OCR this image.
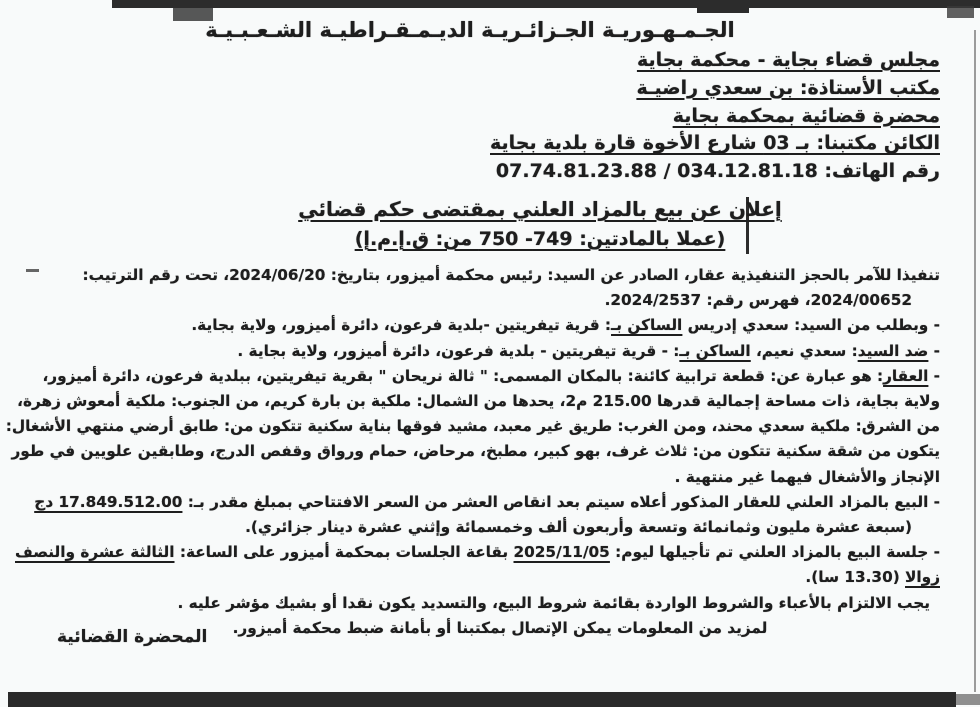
الجـمـهـوريـة الجـزائـريـة الديـمـقـراطيـة الشـعـبـيـة
مجلس قضاء بجاية - محكمة بجاية
مكتب الأستاذة: بن سعدي راضيـة
محضرة قضائية بمحكمة بجاية
الكائن مكتبنا: بـ 03 شارع الأخوة قارة بلدية بجاية
رقم الهاتف: 034.12.81.18 / 07.74.81.23.88
إعلان عن بيع بالمزاد العلني بمقتضى حكم قضائي
(عملا بالمادتين: 749- 750 من: ق.إ.م.إ)
تنفيذا للآمر بالحجز التنفيذية عقار، الصادر عن السيد: رئيس محكمة أميزور، بتاريخ: 2024/06/20، تحت رقم الترتيب:
2024/00652، فهرس رقم: 2024/2537.
- وبطلب من السيد: سعدي إدريس الساكن بـ: قرية تيفريتين -بلدية فرعون، دائرة أميزور، ولاية بجاية.
- ضد السيد: سعدي نعيم، الساكن بـ: - قرية تيفريتين - بلدية فرعون، دائرة أميزور، ولاية بجاية .
- العقار: هو عبارة عن: قطعة ترابية كائنة: بالمكان المسمى: " ثالة نريحان " بقرية تيفريتين، ببلدية فرعون، دائرة أميزور،
ولاية بجاية، ذات مساحة إجمالية قدرها 215.00 م2، يحدها من الشمال: ملكية بن بارة كريم، من الجنوب: ملكية أمعوش زهرة،
من الشرق: ملكية سعدي محند، ومن الغرب: طريق غير معبد، مشيد فوقها بناية سكنية تتكون من: طابق أرضي منتهي الأشغال:
يتكون من شقة سكنية تتكون من: ثلاث غرف، بهو كبير، مطبخ، مرحاض، حمام ورواق وقفص الدرج، وطابقين علويين في طور
الإنجاز والأشغال فيهما غير منتهية .
- البيع بالمزاد العلني للعقار المذكور أعلاه سيتم بعد انقاص العشر من السعر الافتتاحي بمبلغ مقدر بـ: 17.849.512.00 دج
(سبعة عشرة مليون وثمانمائة وتسعة وأربعون ألف وخمسمائة وإثني عشرة دينار جزائري).
- جلسة البيع بالمزاد العلني تم تأجيلها ليوم: 2025/11/05 بقاعة الجلسات بمحكمة أميزور على الساعة: الثالثة عشرة والنصف
زوالا (13.30 سا).
يجب الالتزام بالأعباء والشروط الواردة بقائمة شروط البيع، والتسديد يكون نقدا أو بشيك مؤشر عليه .
لمزيد من المعلومات يمكن الإتصال بمكتبنا أو بأمانة ضبط محكمة أميزور.
المحضرة القضائية
